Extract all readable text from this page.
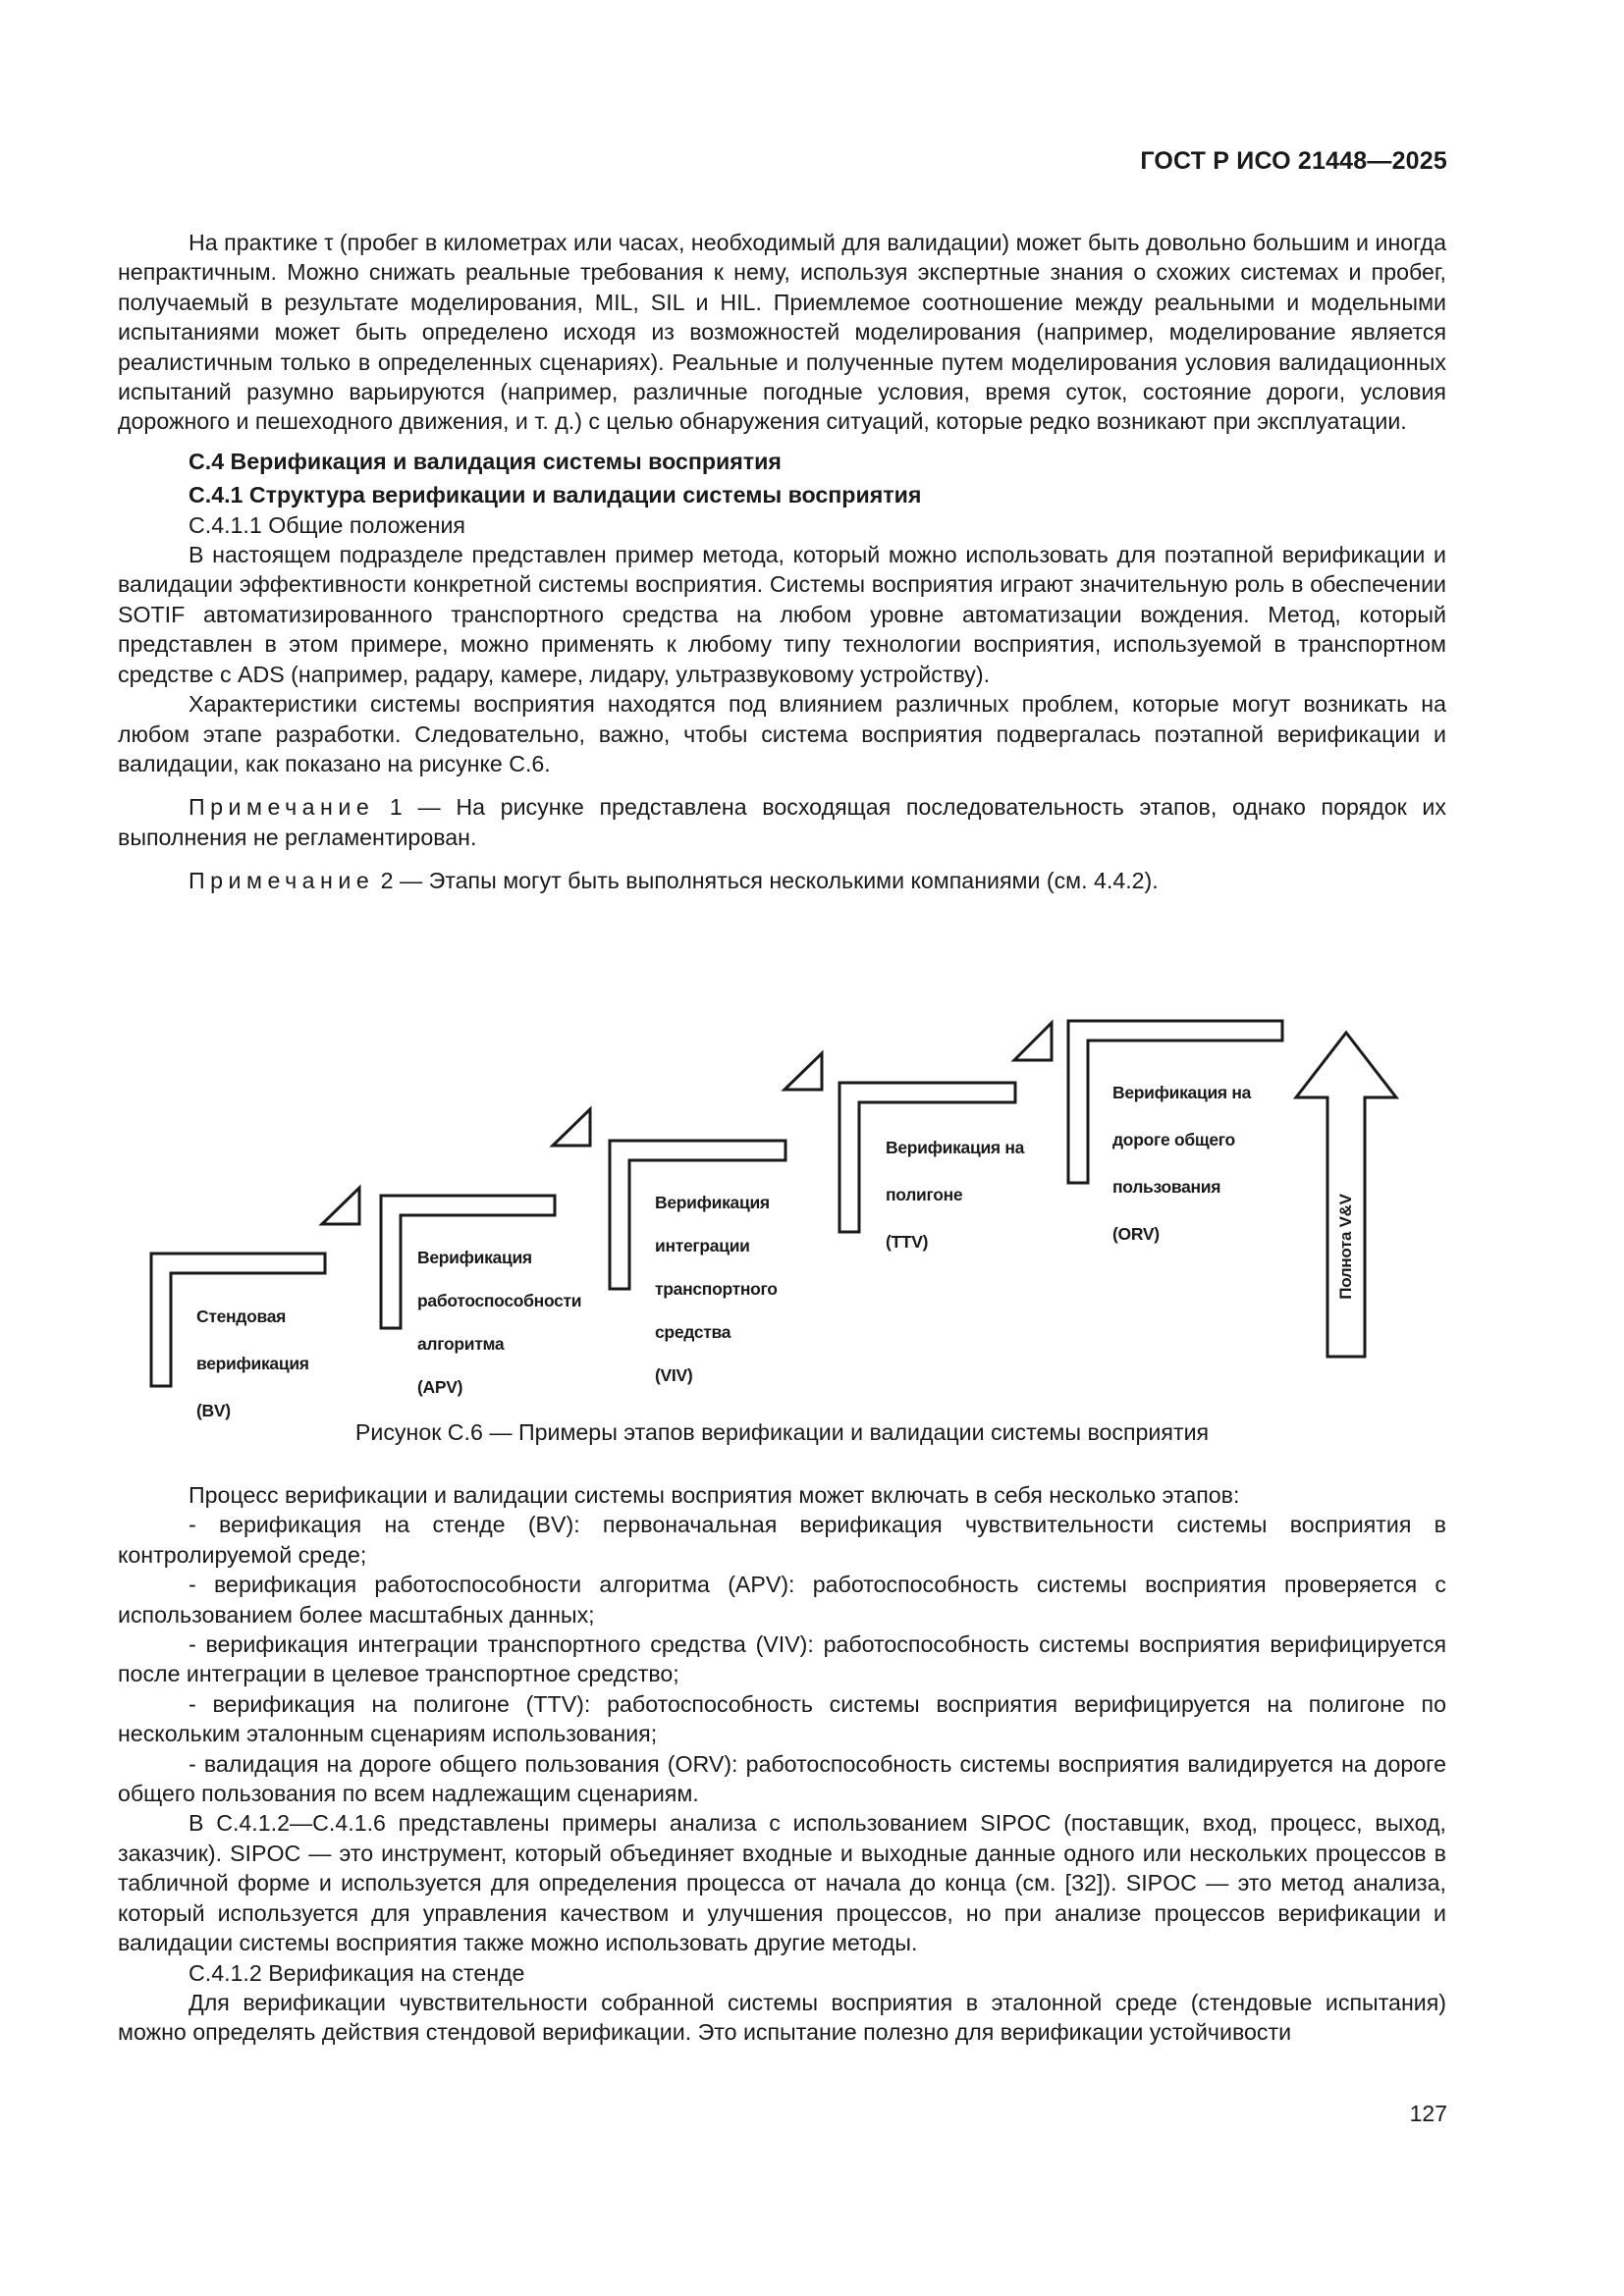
ГОСТ Р ИСО 21448—2025

На практике τ (пробег в километрах или часах, необходимый для валидации) может быть довольно большим и иногда непрактичным. Можно снижать реальные требования к нему, используя экспертные знания о схожих системах и пробег, получаемый в результате моделирования, MIL, SIL и HIL. Приемлемое соотношение между реальными и модельными испытаниями может быть определено исходя из возможностей моделирования (например, моделирование является реалистичным только в определенных сценариях). Реальные и полученные путем моделирования условия валидационных испытаний разумно варьируются (например, различные погодные условия, время суток, состояние дороги, условия дорожного и пешеходного движения, и т. д.) с целью обнаружения ситуаций, которые редко возникают при эксплуатации.

С.4 Верификация и валидация системы восприятия

С.4.1 Структура верификации и валидации системы восприятия

С.4.1.1 Общие положения

В настоящем подразделе представлен пример метода, который можно использовать для поэтапной верификации и валидации эффективности конкретной системы восприятия. Системы восприятия играют значительную роль в обеспечении SOTIF автоматизированного транспортного средства на любом уровне автоматизации вождения. Метод, который представлен в этом примере, можно применять к любому типу технологии восприятия, используемой в транспортном средстве с ADS (например, радару, камере, лидару, ультразвуковому устройству).

Характеристики системы восприятия находятся под влиянием различных проблем, которые могут возникать на любом этапе разработки. Следовательно, важно, чтобы система восприятия подвергалась поэтапной верификации и валидации, как показано на рисунке С.6.

Примечание 1 — На рисунке представлена восходящая последовательность этапов, однако порядок их выполнения не регламентирован.

Примечание 2 — Этапы могут быть выполняться несколькими компаниями (см. 4.4.2).

Стендовая

верификация

(BV)

Верификация

работоспособности

алгоритма

(APV)

Верификация

интеграции

транспортного

средства

(VIV)

Верификация на

полигоне

(TTV)

Верификация на

дороге общего

пользования

(ORV)	Полнота V&V
Рисунок С.6 — Примеры этапов верификации и валидации системы восприятия

Процесс верификации и валидации системы восприятия может включать в себя несколько этапов:

- верификация на стенде (BV): первоначальная верификация чувствительности системы восприятия в контролируемой среде;

- верификация работоспособности алгоритма (APV): работоспособность системы восприятия проверяется с использованием более масштабных данных;

- верификация интеграции транспортного средства (VIV): работоспособность системы восприятия верифицируется после интеграции в целевое транспортное средство;

- верификация на полигоне (TTV): работоспособность системы восприятия верифицируется на полигоне по нескольким эталонным сценариям использования;

- валидация на дороге общего пользования (ORV): работоспособность системы восприятия валидируется на дороге общего пользования по всем надлежащим сценариям.

В С.4.1.2—С.4.1.6 представлены примеры анализа с использованием SIPOC (поставщик, вход, процесс, выход, заказчик). SIPOC — это инструмент, который объединяет входные и выходные данные одного или нескольких процессов в табличной форме и используется для определения процесса от начала до конца (см. [32]). SIPOC — это метод анализа, который используется для управления качеством и улучшения процессов, но при анализе процессов верификации и валидации системы восприятия также можно использовать другие методы.

С.4.1.2 Верификация на стенде

Для верификации чувствительности собранной системы восприятия в эталонной среде (стендовые испытания) можно определять действия стендовой верификации. Это испытание полезно для верификации устойчивости

127
